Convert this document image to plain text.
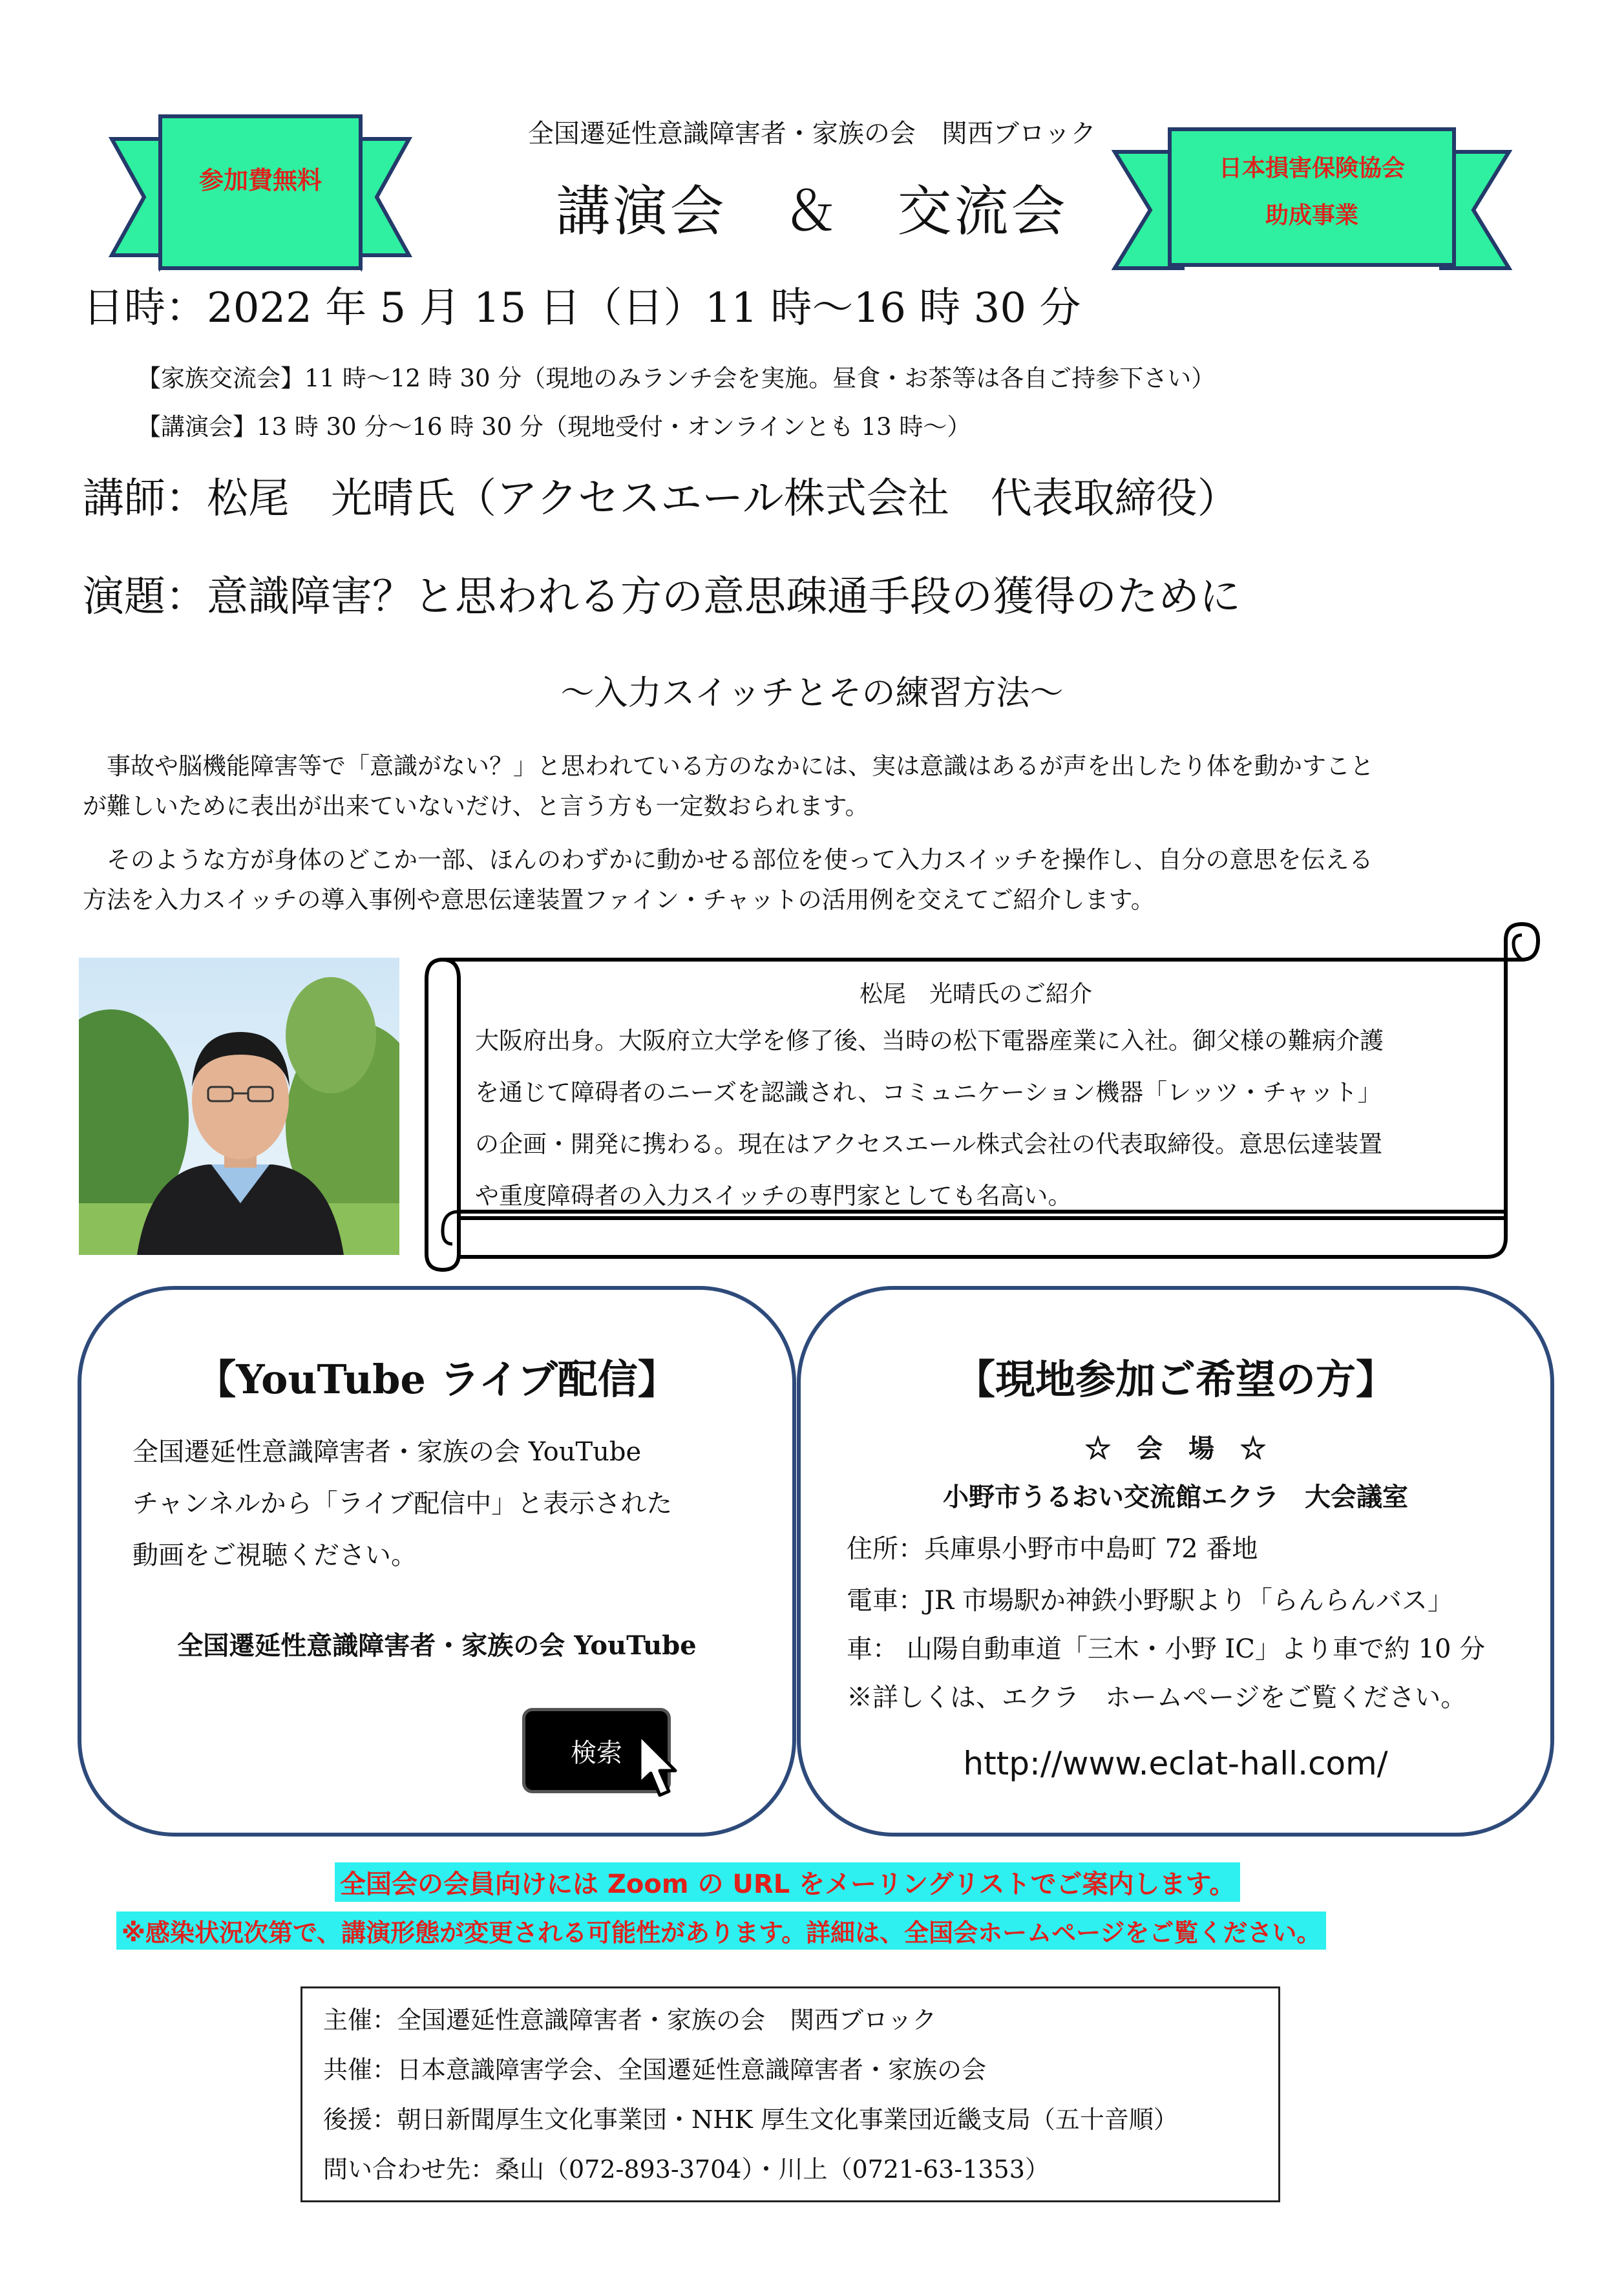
参加費無料	日本損害保険協会
助成事業
全国遷延性意識障害者・家族の会　関西ブロック
講演会　＆　交流会
日時：2022 年 5 月 15 日（日）11 時～16 時 30 分
【家族交流会】11 時～12 時 30 分（現地のみランチ会を実施。昼食・お茶等は各自ご持参下さい）
【講演会】13 時 30 分～16 時 30 分（現地受付・オンラインとも 13 時～）
講師：松尾　光晴氏（アクセスエール株式会社　代表取締役）
演題：意識障害？と思われる方の意思疎通手段の獲得のために
～入力スイッチとその練習方法～
　事故や脳機能障害等で「意識がない？」と思われている方のなかには、実は意識はあるが声を出したり体を動かすこと
が難しいために表出が出来ていないだけ、と言う方も一定数おられます。
　そのような方が身体のどこか一部、ほんのわずかに動かせる部位を使って入力スイッチを操作し、自分の意思を伝える
方法を入力スイッチの導入事例や意思伝達装置ファイン・チャットの活用例を交えてご紹介します。
松尾　光晴氏のご紹介
大阪府出身。大阪府立大学を修了後、当時の松下電器産業に入社。御父様の難病介護
を通じて障碍者のニーズを認識され、コミュニケーション機器「レッツ・チャット」
の企画・開発に携わる。現在はアクセスエール株式会社の代表取締役。意思伝達装置
や重度障碍者の入力スイッチの専門家としても名高い。
【YouTube ライブ配信】
全国遷延性意識障害者・家族の会 YouTube
チャンネルから「ライブ配信中」と表示された
動画をご視聴ください。
全国遷延性意識障害者・家族の会 YouTube
検索
【現地参加ご希望の方】
☆　会　場　☆
小野市うるおい交流館エクラ　大会議室
住所：兵庫県小野市中島町 72 番地
電車：JR 市場駅か神鉄小野駅より「らんらんバス」
車： 山陽自動車道「三木・小野 IC」より車で約 10 分
※詳しくは、エクラ　ホームページをご覧ください。
http://www.eclat-hall.com/
全国会の会員向けには Zoom の URL をメーリングリストでご案内します。
※感染状況次第で、講演形態が変更される可能性があります。詳細は、全国会ホームページをご覧ください。
主催：全国遷延性意識障害者・家族の会　関西ブロック
共催：日本意識障害学会、全国遷延性意識障害者・家族の会
後援：朝日新聞厚生文化事業団・NHK 厚生文化事業団近畿支局（五十音順）
問い合わせ先：桑山（072-893-3704）・川上（0721-63-1353）
